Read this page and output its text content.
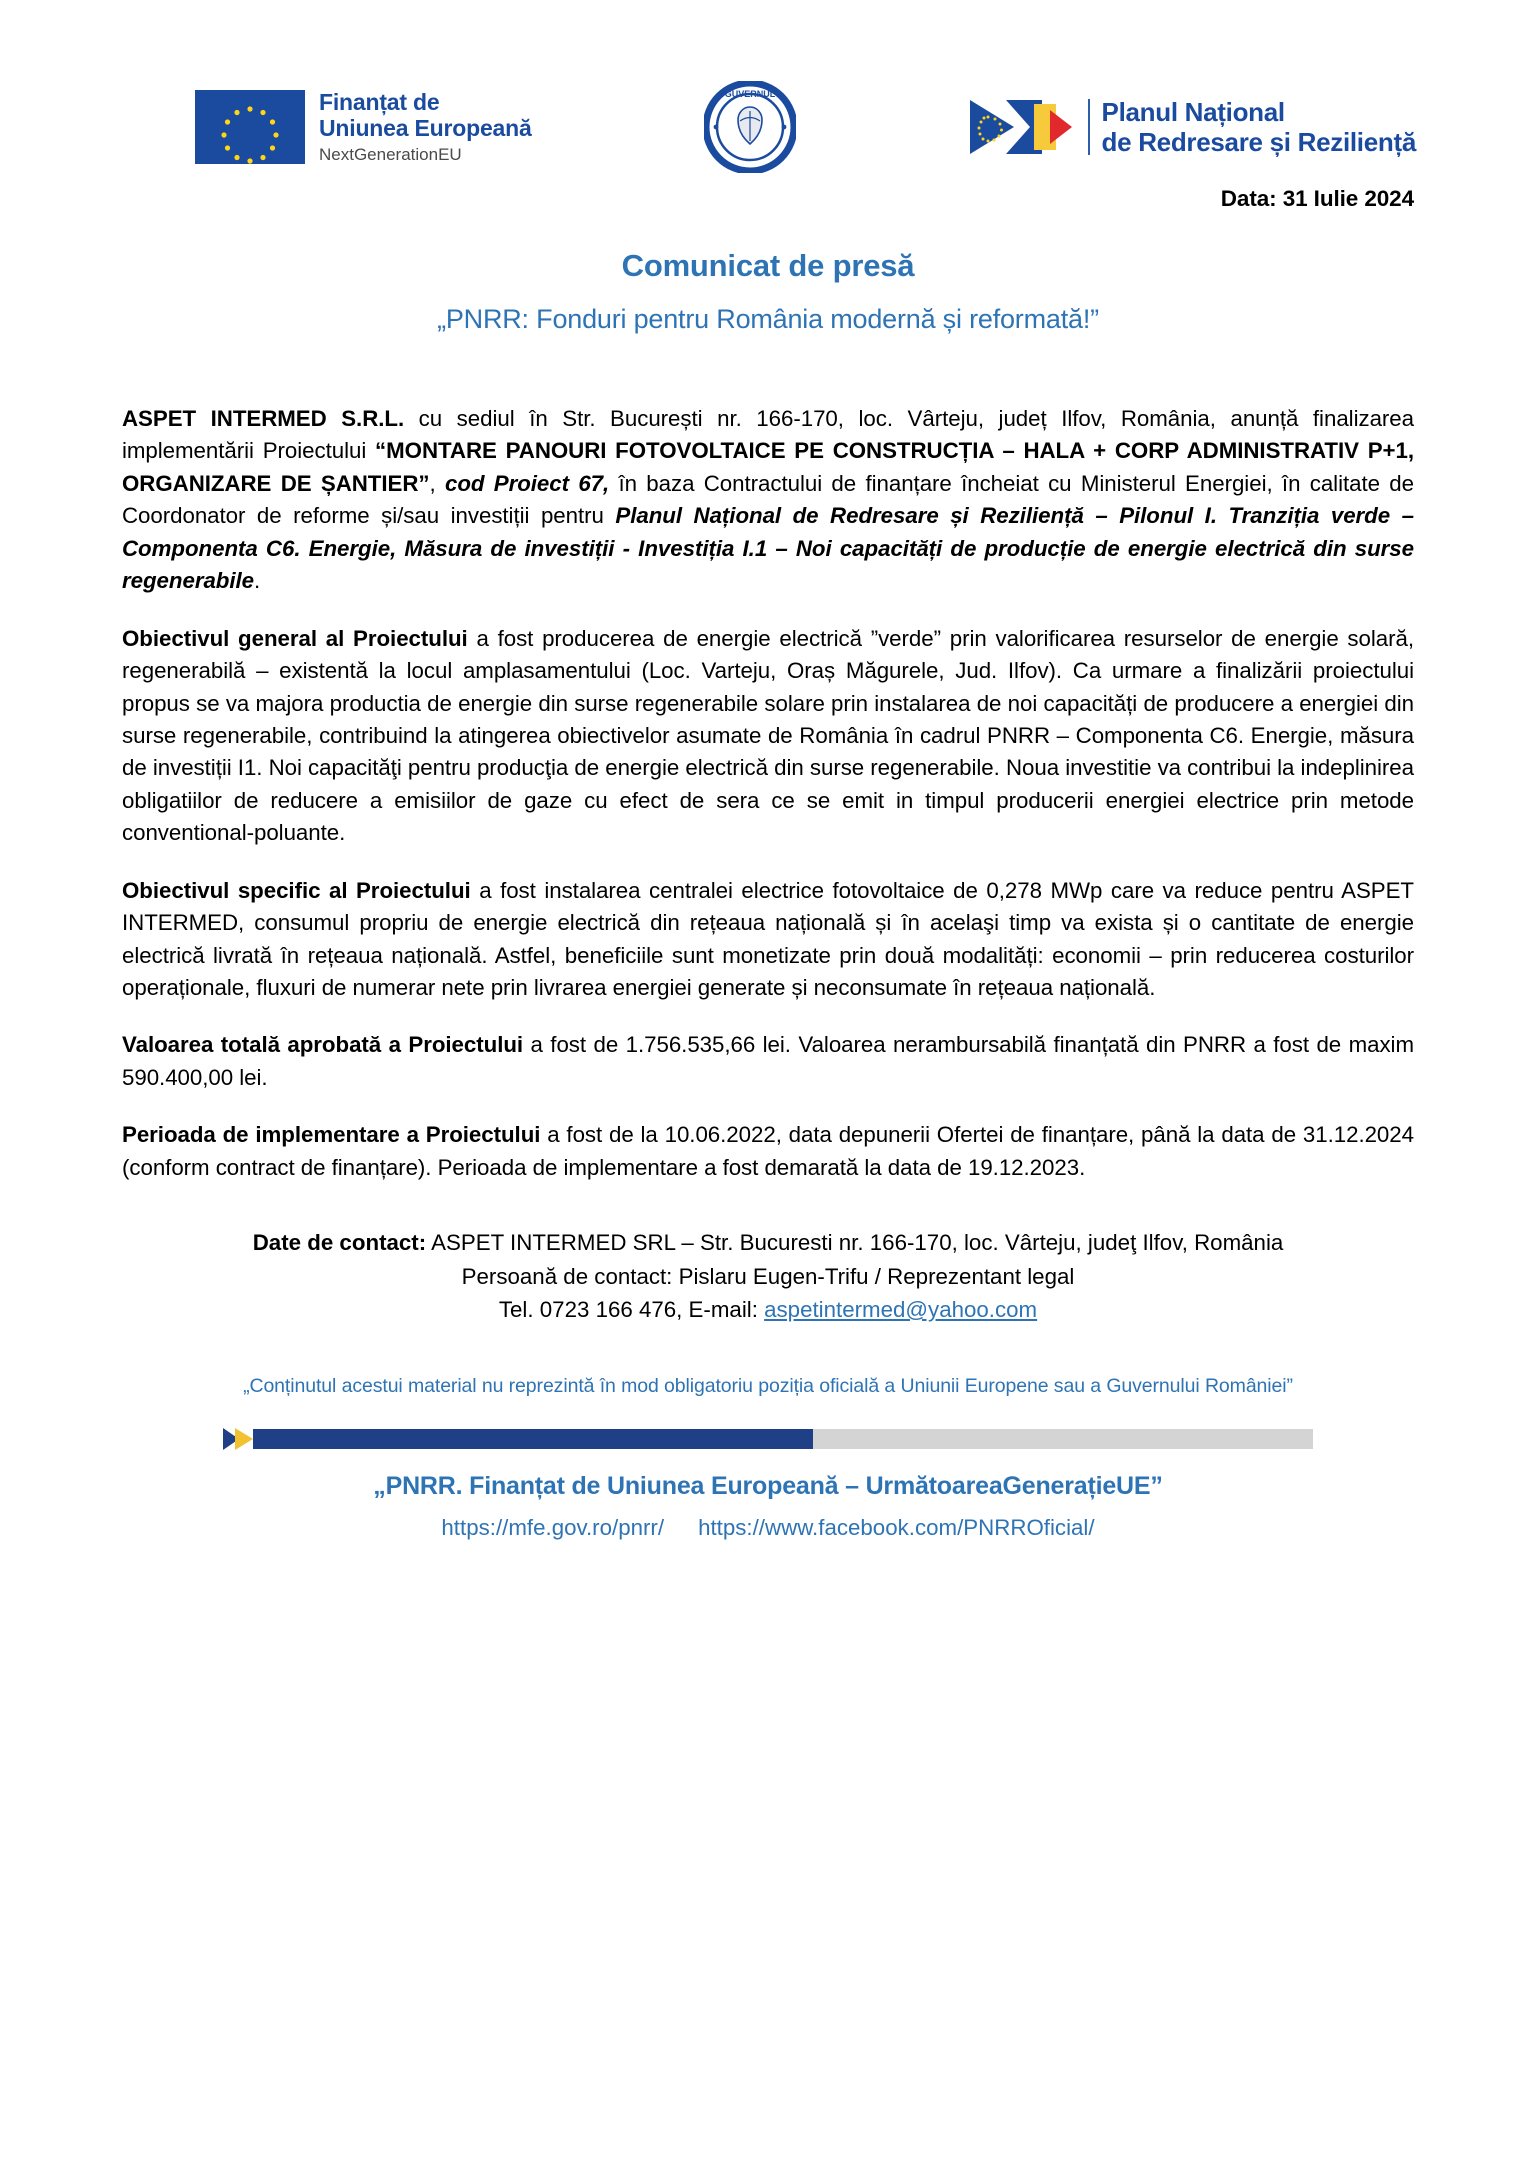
Finanțat de
Uniunea Europeană
NextGenerationEU
GUVERNUL
Planul Național
de Redresare și Reziliență
Data: 31 Iulie 2024
Comunicat de presă
„PNRR: Fonduri pentru România modernă și reformată!”

ASPET INTERMED S.R.L. cu sediul în Str. București nr. 166-170, loc. Vârteju, județ Ilfov, România, anunță finalizarea implementării Proiectului “MONTARE PANOURI FOTOVOLTAICE PE CONSTRUCȚIA – HALA + CORP ADMINISTRATIV P+1, ORGANIZARE DE ȘANTIER”, cod Proiect 67, în baza Contractului de finanțare încheiat cu Ministerul Energiei, în calitate de Coordonator de reforme și/sau investiții pentru Planul Național de Redresare și Reziliență – Pilonul I. Tranziția verde – Componenta C6. Energie, Măsura de investiții - Investiția I.1 – Noi capacități de producție de energie electrică din surse regenerabile.

Obiectivul general al Proiectului a fost producerea de energie electrică ”verde” prin valorificarea resurselor de energie solară, regenerabilă – existentă la locul amplasamentului (Loc. Varteju, Oraș Măgurele, Jud. Ilfov). Ca urmare a finalizării proiectului propus se va majora productia de energie din surse regenerabile solare prin instalarea de noi capacități de producere a energiei din surse regenerabile, contribuind la atingerea obiectivelor asumate de România în cadrul PNRR – Componenta C6. Energie, măsura de investiții I1. Noi capacităţi pentru producţia de energie electrică din surse regenerabile. Noua investitie va contribui la indeplinirea obligatiilor de reducere a emisiilor de gaze cu efect de sera ce se emit in timpul producerii energiei electrice prin metode conventional-poluante.

Obiectivul specific al Proiectului a fost instalarea centralei electrice fotovoltaice de 0,278 MWp care va reduce pentru ASPET INTERMED, consumul propriu de energie electrică din rețeaua națională și în acelaşi timp va exista și o cantitate de energie electrică livrată în rețeaua națională. Astfel, beneficiile sunt monetizate prin două modalități: economii – prin reducerea costurilor operaționale, fluxuri de numerar nete prin livrarea energiei generate și neconsumate în rețeaua națională.

Valoarea totală aprobată a Proiectului a fost de 1.756.535,66 lei. Valoarea nerambursabilă finanțată din PNRR a fost de maxim 590.400,00 lei.

Perioada de implementare a Proiectului a fost de la 10.06.2022, data depunerii Ofertei de finanțare, până la data de 31.12.2024 (conform contract de finanțare). Perioada de implementare a fost demarată la data de 19.12.2023.

Date de contact: ASPET INTERMED SRL – Str. Bucuresti nr. 166-170, loc. Vârteju, judeţ Ilfov, România
Persoană de contact: Pislaru Eugen-Trifu / Reprezentant legal
Tel. 0723 166 476, E-mail: aspetintermed@yahoo.com
„Conținutul acestui material nu reprezintă în mod obligatoriu poziția oficială a Uniunii Europene sau a Guvernului României”
„PNRR. Finanțat de Uniunea Europeană – UrmătoareaGenerațieUE”
https://mfe.gov.ro/pnrr/ https://www.facebook.com/PNRROficial/
